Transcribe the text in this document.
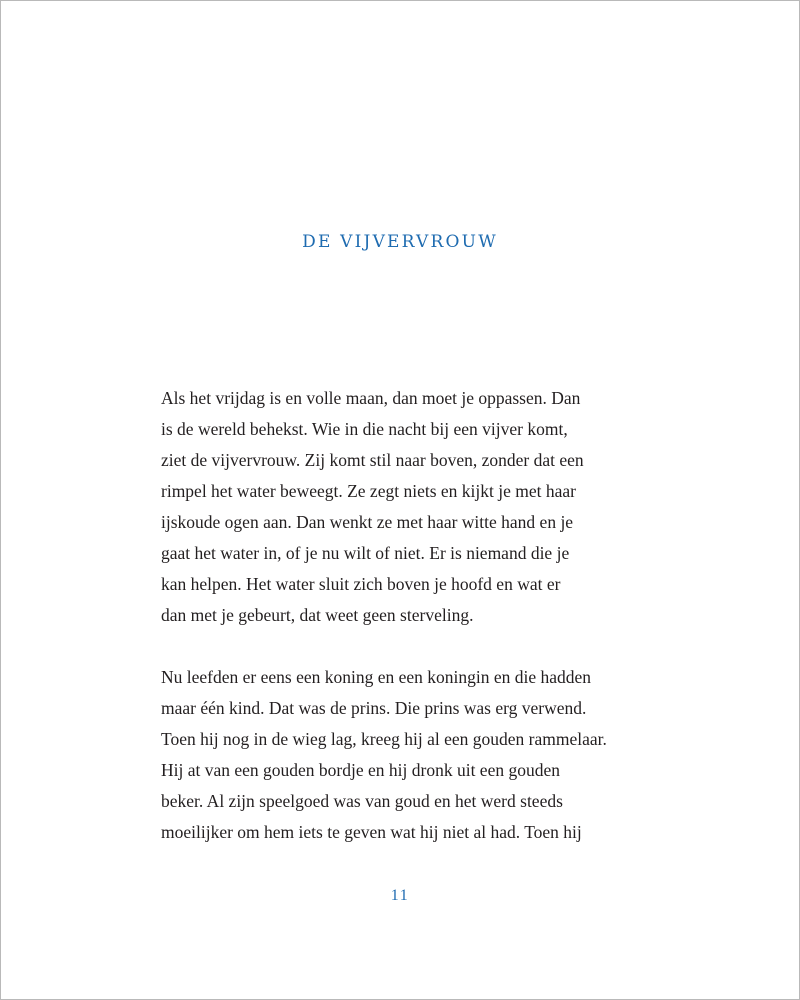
DE VIJVERVROUW

Als het vrijdag is en volle maan, dan moet je oppassen. Dan
is de wereld behekst. Wie in die nacht bij een vijver komt,
ziet de vijvervrouw. Zij komt stil naar boven, zonder dat een
rimpel het water beweegt. Ze zegt niets en kijkt je met haar
ijskoude ogen aan. Dan wenkt ze met haar witte hand en je
gaat het water in, of je nu wilt of niet. Er is niemand die je
kan helpen. Het water sluit zich boven je hoofd en wat er
dan met je gebeurt, dat weet geen sterveling.

Nu leefden er eens een koning en een koningin en die hadden
maar één kind. Dat was de prins. Die prins was erg verwend.
Toen hij nog in de wieg lag, kreeg hij al een gouden rammelaar.
Hij at van een gouden bordje en hij dronk uit een gouden
beker. Al zijn speelgoed was van goud en het werd steeds
moeilijker om hem iets te geven wat hij niet al had. Toen hij

11
